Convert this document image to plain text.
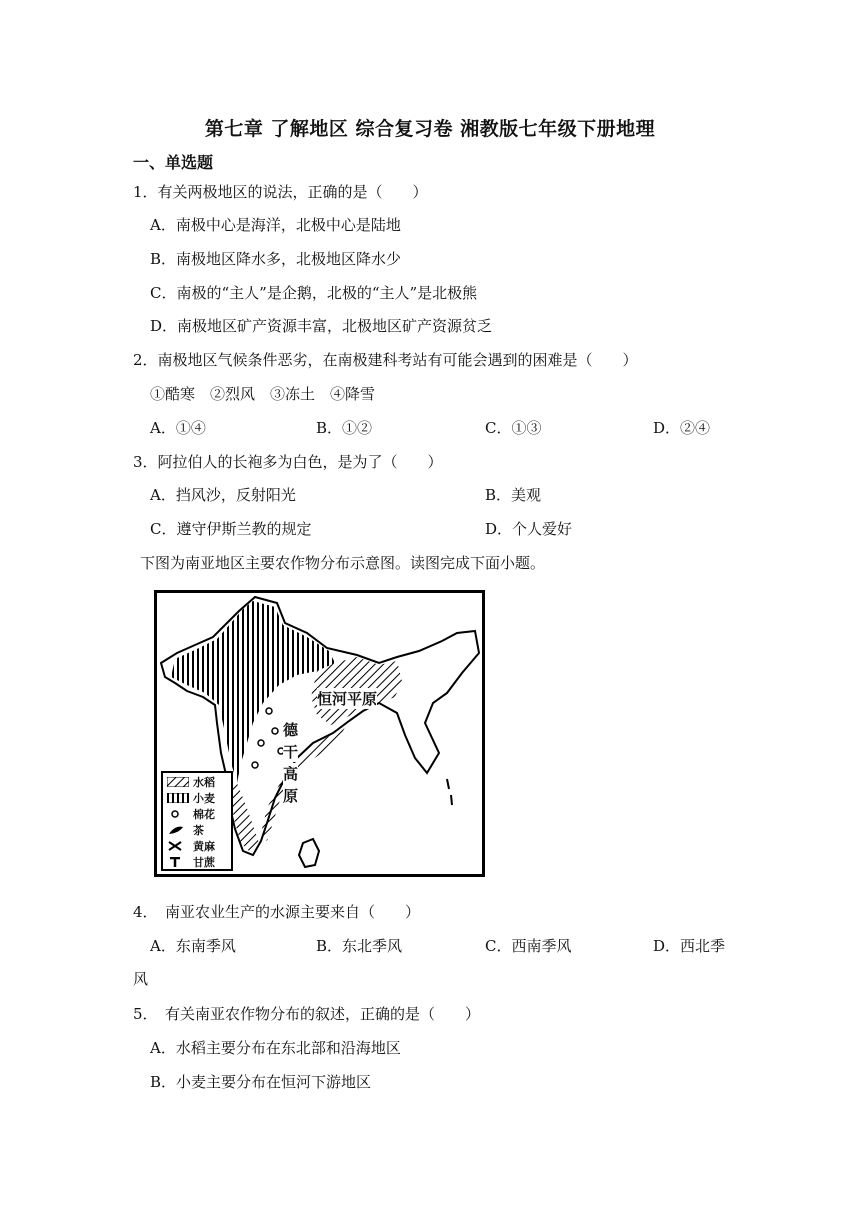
第七章 了解地区 综合复习卷 湘教版七年级下册地理
一、单选题
1．有关两极地区的说法，正确的是（　　）
A．南极中心是海洋，北极中心是陆地
B．南极地区降水多，北极地区降水少
C．南极的“主人”是企鹅，北极的“主人”是北极熊
D．南极地区矿产资源丰富，北极地区矿产资源贫乏
2．南极地区气候条件恶劣，在南极建科考站有可能会遇到的困难是（　　）
①酷寒　②烈风　③冻土　④降雪
A．①④	B．①②	C．①③	D．②④
3．阿拉伯人的长袍多为白色，是为了（　　）
A．挡风沙，反射阳光	B．美观
C．遵守伊斯兰教的规定	D．个人爱好
下图为南亚地区主要农作物分布示意图。读图完成下面小题。
恒河平原
德
干
高
原
水稻
小麦
棉花
茶
黄麻
甘蔗
4．　南亚农业生产的水源主要来自（　　）
A．东南季风	B．东北季风	C．西南季风	D．西北季
风
5．　有关南亚农作物分布的叙述，正确的是（　　）
A．水稻主要分布在东北部和沿海地区
B．小麦主要分布在恒河下游地区
